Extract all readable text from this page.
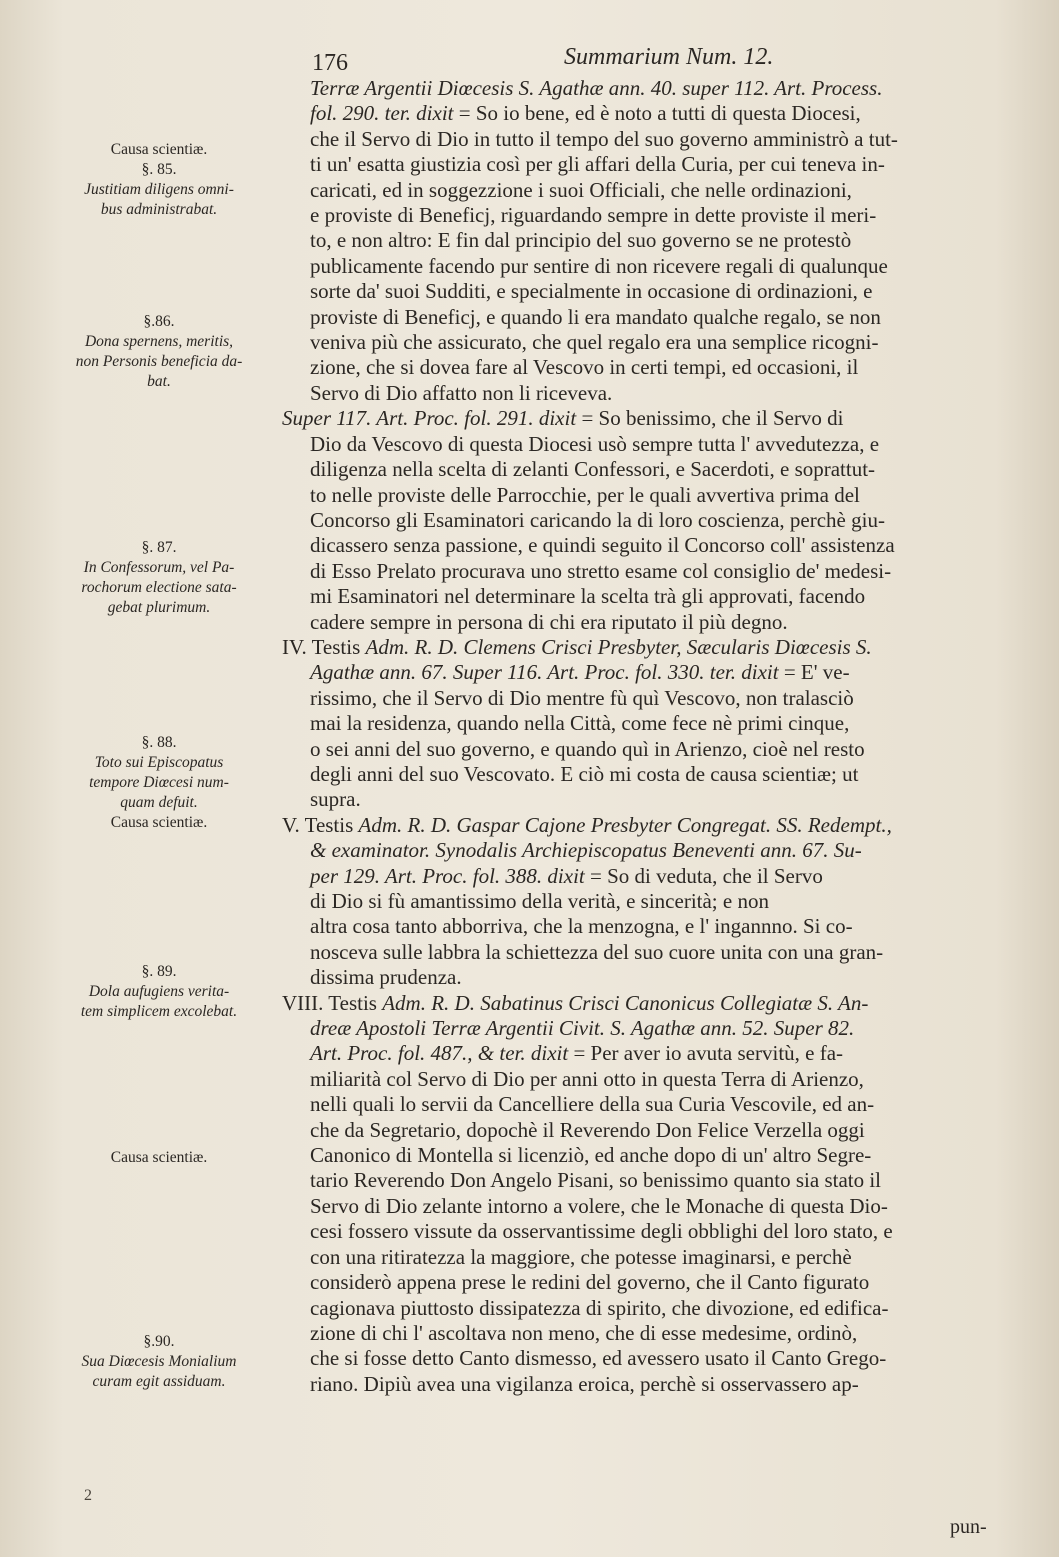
176	Summarium Num. 12.
Causa scientiæ.
§. 85.
Justitiam diligens omni-
bus administrabat.
§.86.
Dona spernens, meritis,
non Personis beneficia da-
bat.
§. 87.
In Confessorum, vel Pa-
rochorum electione sata-
gebat plurimum.
§. 88.
Toto sui Episcopatus
tempore Diœcesi num-
quam defuit.
Causa scientiæ.
§. 89.
Dola aufugiens verita-
tem simplicem excolebat.
Causa scientiæ.
§.90.
Sua Diœcesis Monialium
curam egit assiduam.

Terræ Argentii Diœcesis S. Agathæ ann. 40. super 112. Art. Process.
fol. 290. ter. dixit = So io bene, ed è noto a tutti di questa Diocesi,
che il Servo di Dio in tutto il tempo del suo governo amministrò a tut-
ti un' esatta giustizia così per gli affari della Curia, per cui teneva in-
caricati, ed in soggezzione i suoi Officiali, che nelle ordinazioni,
e proviste di Beneficj, riguardando sempre in dette proviste il meri-
to, e non altro: E fin dal principio del suo governo se ne protestò
publicamente facendo pur sentire di non ricevere regali di qualunque
sorte da' suoi Sudditi, e specialmente in occasione di ordinazioni, e
proviste di Beneficj, e quando li era mandato qualche regalo, se non
veniva più che assicurato, che quel regalo era una semplice ricogni-
zione, che si dovea fare al Vescovo in certi tempi, ed occasioni, il
Servo di Dio affatto non li riceveva.

Super 117. Art. Proc. fol. 291. dixit = So benissimo, che il Servo di
Dio da Vescovo di questa Diocesi usò sempre tutta l' avvedutezza, e
diligenza nella scelta di zelanti Confessori, e Sacerdoti, e soprattut-
to nelle proviste delle Parrocchie, per le quali avvertiva prima del
Concorso gli Esaminatori caricando la di loro coscienza, perchè giu-
dicassero senza passione, e quindi seguito il Concorso coll' assistenza
di Esso Prelato procurava uno stretto esame col consiglio de' medesi-
mi Esaminatori nel determinare la scelta trà gli approvati, facendo
cadere sempre in persona di chi era riputato il più degno.

IV. Testis Adm. R. D. Clemens Crisci Presbyter, Sæcularis Diœcesis S.
Agathæ ann. 67. Super 116. Art. Proc. fol. 330. ter. dixit = E' ve-
rissimo, che il Servo di Dio mentre fù quì Vescovo, non tralasciò
mai la residenza, quando nella Città, come fece nè primi cinque,
o sei anni del suo governo, e quando quì in Arienzo, cioè nel resto
degli anni del suo Vescovato. E ciò mi costa de causa scientiæ; ut
supra.

V. Testis Adm. R. D. Gaspar Cajone Presbyter Congregat. SS. Redempt.,
& examinator. Synodalis Archiepiscopatus Beneventi ann. 67. Su-
per 129. Art. Proc. fol. 388. dixit = So di veduta, che il Servo
di Dio si fù amantissimo della verità, e sincerità; e non
altra cosa tanto abborriva, che la menzogna, e l' ingannno. Si co-
nosceva sulle labbra la schiettezza del suo cuore unita con una gran-
dissima prudenza.

VIII. Testis Adm. R. D. Sabatinus Crisci Canonicus Collegiatæ S. An-
dreæ Apostoli Terræ Argentii Civit. S. Agathæ ann. 52. Super 82.
Art. Proc. fol. 487., & ter. dixit = Per aver io avuta servitù, e fa-
miliarità col Servo di Dio per anni otto in questa Terra di Arienzo,
nelli quali lo servii da Cancelliere della sua Curia Vescovile, ed an-
che da Segretario, dopochè il Reverendo Don Felice Verzella oggi
Canonico di Montella si licenziò, ed anche dopo di un' altro Segre-
tario Reverendo Don Angelo Pisani, so benissimo quanto sia stato il
Servo di Dio zelante intorno a volere, che le Monache di questa Dio-
cesi fossero vissute da osservantissime degli obblighi del loro stato, e
con una ritiratezza la maggiore, che potesse imaginarsi, e perchè
considerò appena prese le redini del governo, che il Canto figurato
cagionava piuttosto dissipatezza di spirito, che divozione, ed edifica-
zione di chi l' ascoltava non meno, che di esse medesime, ordinò,
che si fosse detto Canto dismesso, ed avessero usato il Canto Grego-
riano. Dipiù avea una vigilanza eroica, perchè si osservassero ap-

2
pun-
